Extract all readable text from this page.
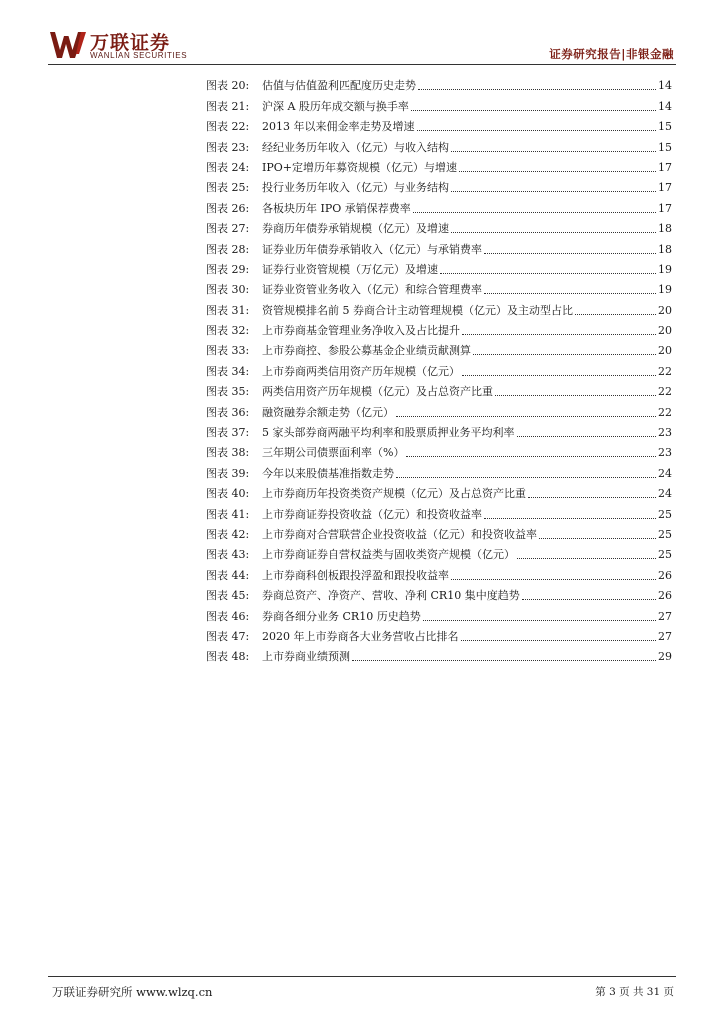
万联证券
WANLIAN SECURITIES	证券研究报告|非银金融
图表 20:	估值与估值盈利匹配度历史走势	14
图表 21:	沪深 A 股历年成交额与换手率	14
图表 22:	2013 年以来佣金率走势及增速	15
图表 23:	经纪业务历年收入（亿元）与收入结构	15
图表 24:	IPO+定增历年募资规模（亿元）与增速	17
图表 25:	投行业务历年收入（亿元）与业务结构	17
图表 26:	各板块历年 IPO 承销保荐费率	17
图表 27:	券商历年债券承销规模（亿元）及增速	18
图表 28:	证券业历年债券承销收入（亿元）与承销费率	18
图表 29:	证券行业资管规模（万亿元）及增速	19
图表 30:	证券业资管业务收入（亿元）和综合管理费率	19
图表 31:	资管规模排名前 5 券商合计主动管理规模（亿元）及主动型占比	20
图表 32:	上市券商基金管理业务净收入及占比提升	20
图表 33:	上市券商控、参股公募基金企业绩贡献测算	20
图表 34:	上市券商两类信用资产历年规模（亿元）	22
图表 35:	两类信用资产历年规模（亿元）及占总资产比重	22
图表 36:	融资融券余额走势（亿元）	22
图表 37:	5 家头部券商两融平均利率和股票质押业务平均利率	23
图表 38:	三年期公司债票面利率（%）	23
图表 39:	今年以来股债基准指数走势	24
图表 40:	上市券商历年投资类资产规模（亿元）及占总资产比重	24
图表 41:	上市券商证券投资收益（亿元）和投资收益率	25
图表 42:	上市券商对合营联营企业投资收益（亿元）和投资收益率	25
图表 43:	上市券商证券自营权益类与固收类资产规模（亿元）	25
图表 44:	上市券商科创板跟投浮盈和跟投收益率	26
图表 45:	券商总资产、净资产、营收、净利 CR10 集中度趋势	26
图表 46:	券商各细分业务 CR10 历史趋势	27
图表 47:	2020 年上市券商各大业务营收占比排名	27
图表 48:	上市券商业绩预测	29
万联证券研究所 www.wlzq.cn	第 3 页 共 31 页
